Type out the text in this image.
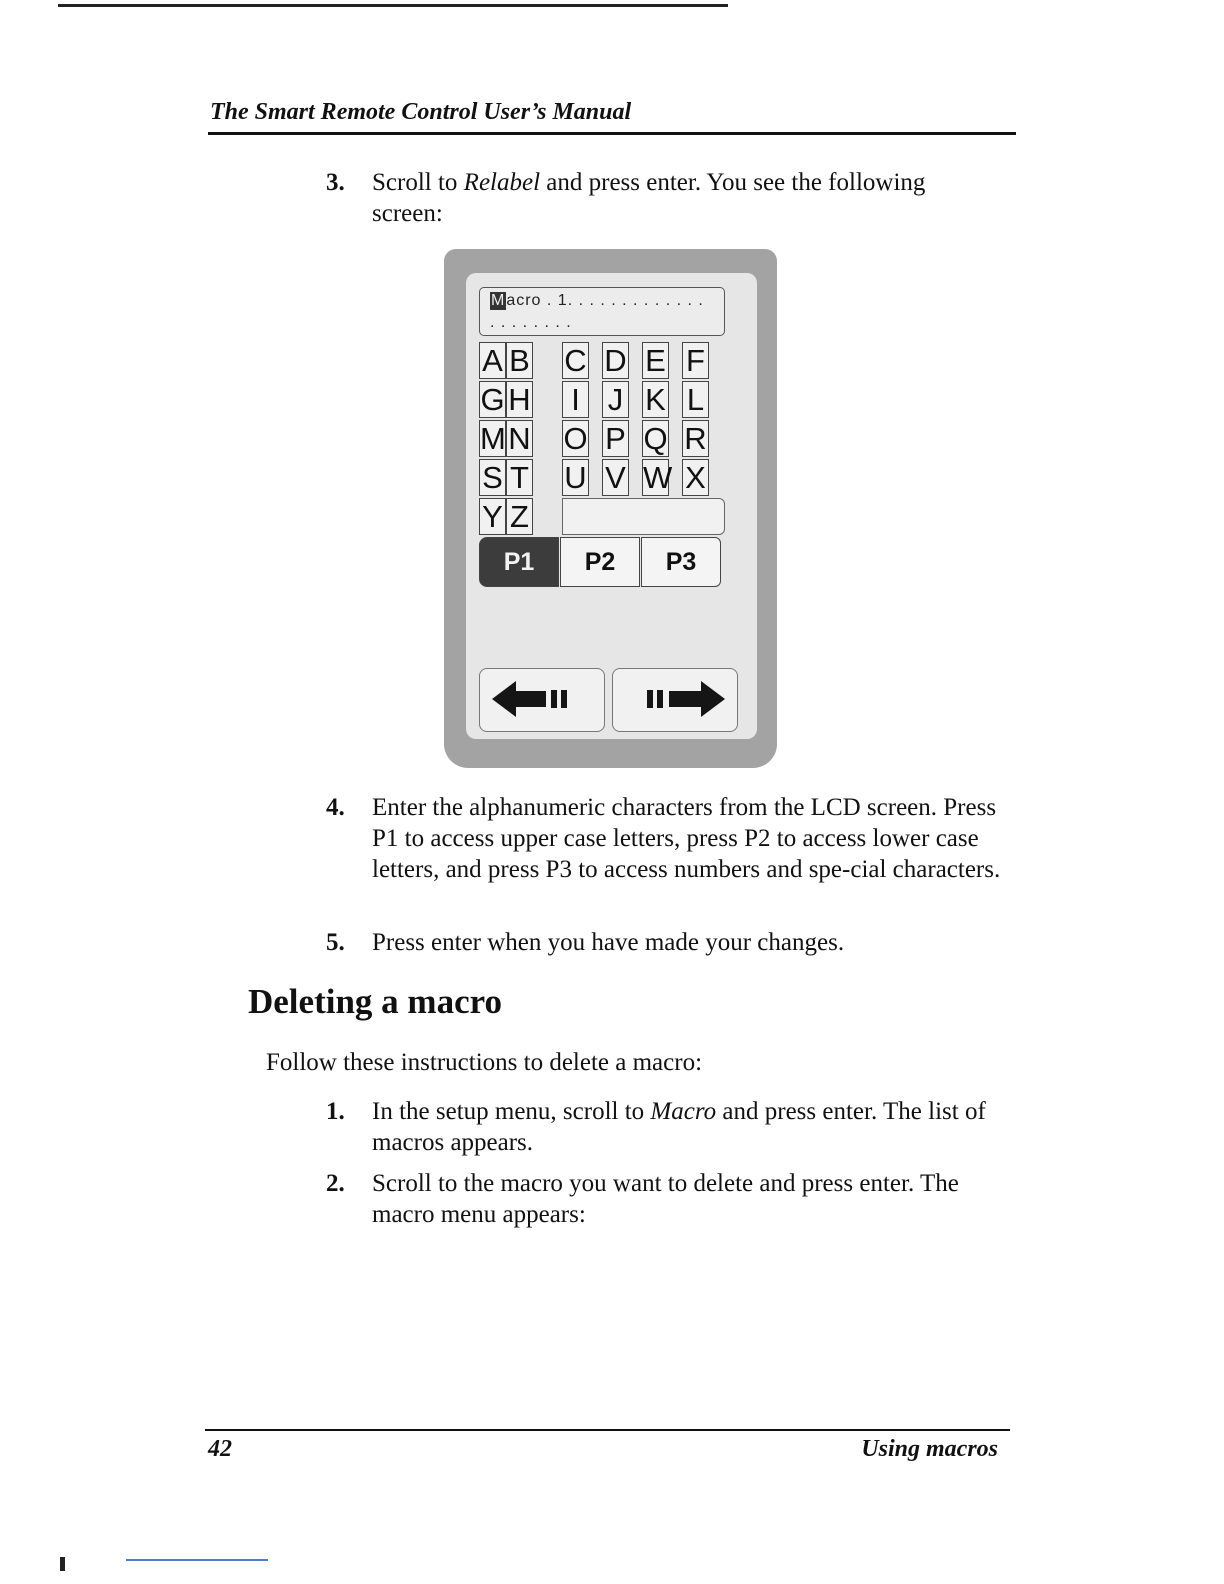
The Smart Remote Control User’s Manual
3. Scroll to Relabel and press enter. You see the following screen:
Macro . 1. . . . . . . . . . . . .
. . . . . . . .
A B C D E F
G H I J K L
M N O P Q R
S T U V W X
Y Z
P1	P2	P3
4. Enter the alphanumeric characters from the LCD screen. Press P1 to access upper case letters, press P2 to access lower case letters, and press P3 to access numbers and spe-cial characters.
5. Press enter when you have made your changes.
Deleting a macro
Follow these instructions to delete a macro:
1. In the setup menu, scroll to Macro and press enter. The list of macros appears.
2. Scroll to the macro you want to delete and press enter. The macro menu appears:
42	Using macros
